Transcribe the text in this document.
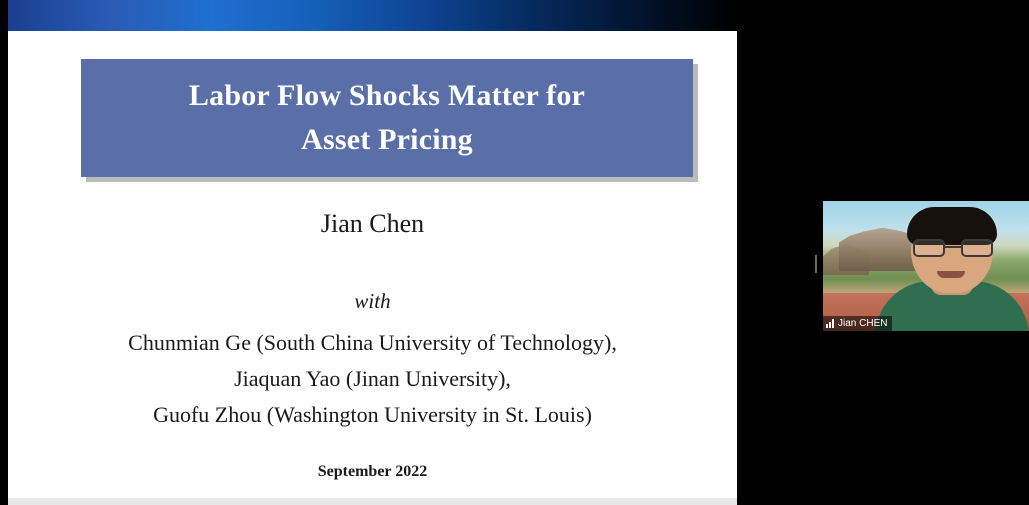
Labor Flow Shocks Matter for
Asset Pricing
Jian Chen
with
Chunmian Ge (South China University of Technology),
Jiaquan Yao (Jinan University),
Guofu Zhou (Washington University in St. Louis)
September 2022
Jian CHEN
